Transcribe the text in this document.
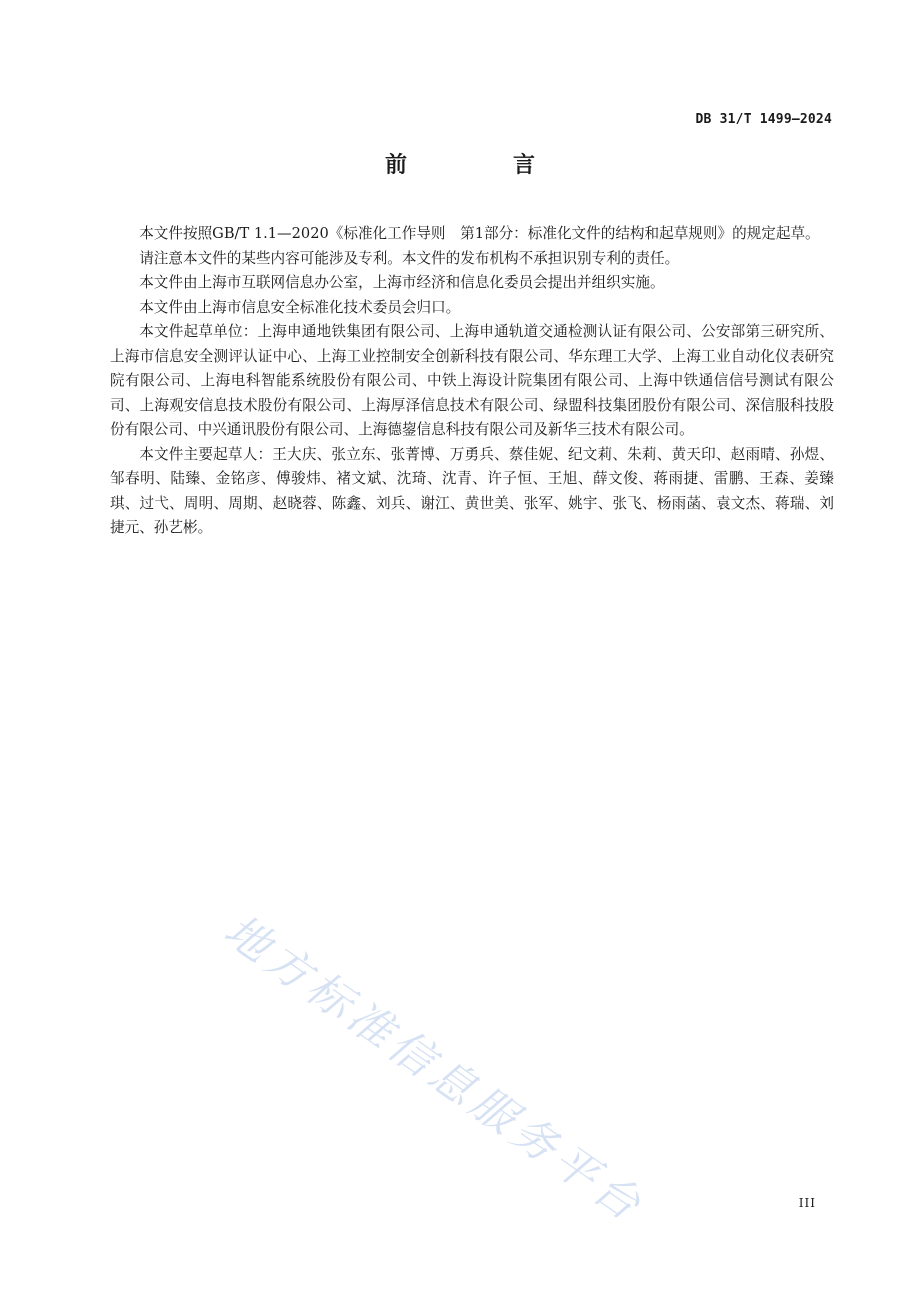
DB 31/T 1499—2024
前　言

本文件按照GB/T 1.1—2020《标准化工作导则　第1部分：标准化文件的结构和起草规则》的规定起草。

请注意本文件的某些内容可能涉及专利。本文件的发布机构不承担识别专利的责任。

本文件由上海市互联网信息办公室，上海市经济和信息化委员会提出并组织实施。

本文件由上海市信息安全标准化技术委员会归口。

本文件起草单位：上海申通地铁集团有限公司、上海申通轨道交通检测认证有限公司、公安部第三研究所、上海市信息安全测评认证中心、上海工业控制安全创新科技有限公司、华东理工大学、上海工业自动化仪表研究院有限公司、上海电科智能系统股份有限公司、中铁上海设计院集团有限公司、上海中铁通信信号测试有限公司、上海观安信息技术股份有限公司、上海厚泽信息技术有限公司、绿盟科技集团股份有限公司、深信服科技股份有限公司、中兴通讯股份有限公司、上海德鋆信息科技有限公司及新华三技术有限公司。

本文件主要起草人：王大庆、张立东、张菁博、万勇兵、蔡佳妮、纪文莉、朱莉、黄天印、赵雨晴、孙煜、邹春明、陆臻、金铭彦、傅骏炜、褚文斌、沈琦、沈青、许子恒、王旭、薛文俊、蒋雨捷、雷鹏、王森、姜臻琪、过弋、周明、周期、赵晓蓉、陈鑫、刘兵、谢江、黄世美、张军、姚宇、张飞、杨雨菡、袁文杰、蒋瑞、刘捷元、孙艺彬。

地方标准信息服务平台	III
